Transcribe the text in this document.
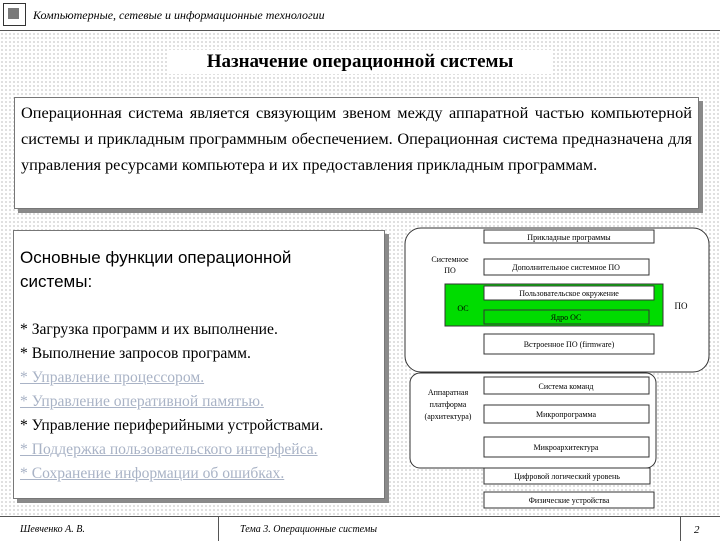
Компьютерные, сетевые и информационные технологии
Назначение операционной системы
Операционная система является связующим звеном между аппаратной частью компьютерной системы и прикладным программным обеспечением. Операционная система предназначена для управления ресурсами компьютера и их предоставления прикладным программам.
Основные функции операционной
системы:
* Загрузка программ и их выполнение.
* Выполнение запросов программ.
* Управление процессором.
* Управление оперативной памятью.
* Управление периферийными устройствами.
* Поддержка пользовательского интерфейса.
* Сохранение информации об ошибках.
Прикладные программы
Системное
ПО	Дополнительное системное ПО
Пользовательское окружение
ОС
Ядро ОС
ПО
Встроенное ПО (firmware)
Аппаратная
платформа
(архитектура)
Система команд
Микропрограмма
Микроархитектура
Цифровой логический уровень
Физические устройства
Шевченко А. В.	Тема 3. Операционные системы	2
